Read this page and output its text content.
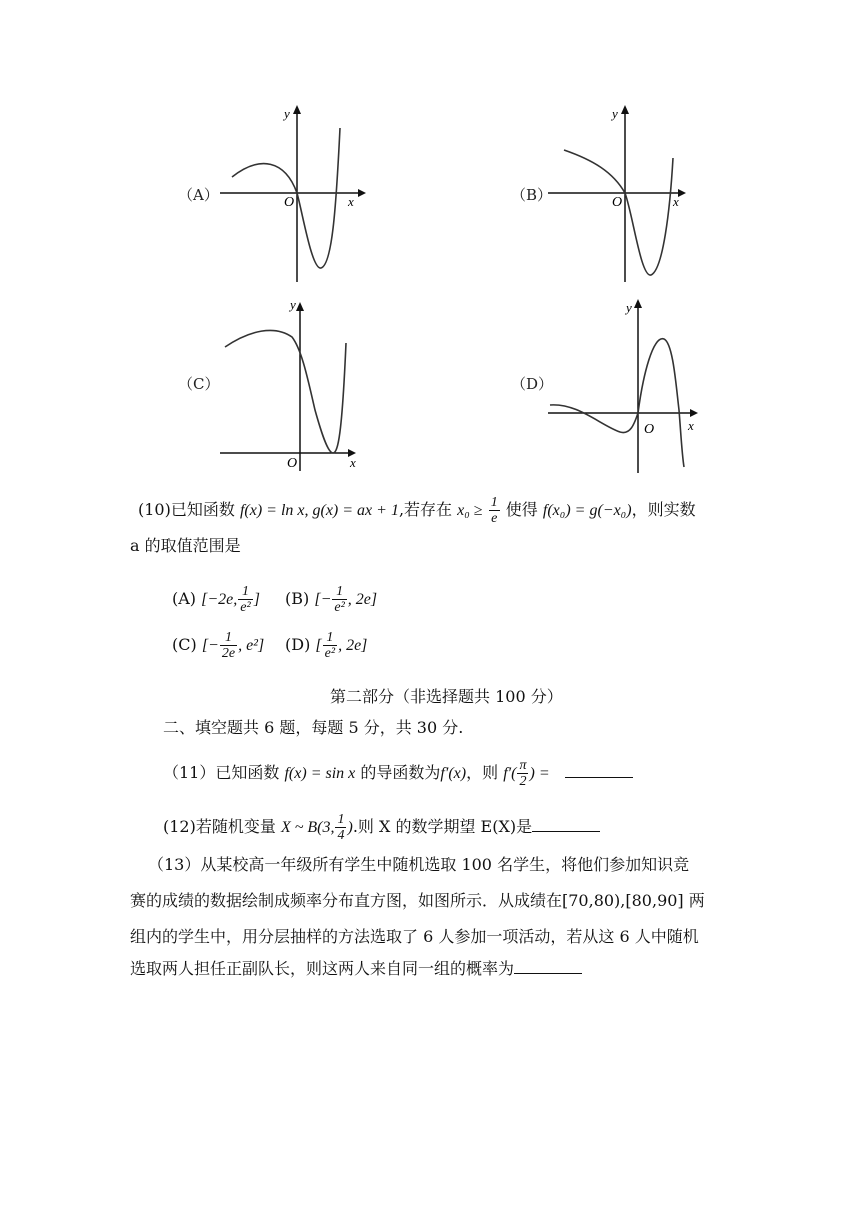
（A）
y
x
O	（B）
y
x
O
（C）
y
x
O
（D）
y
x
O
(10)已知函数 f(x) = ln x, g(x) = ax + 1,若存在 $x_0 \ge \frac{1}{e}$ 使得 f(x₀) = g(−x₀)，则实数
a 的取值范围是
(A) [−2e, $\frac{1}{\text{e²}}$ ] (B) [− $\frac{1}{\text{e²}}$ , 2e]
(C) [− $\frac{1}{2e}$ , e²] (D) [ $\frac{1}{\text{e²}}$ , 2e]
第二部分（非选择题共 100 分）
二、填空题共 6 题，每题 5 分，共 30 分.
（11）已知函数 f(x) = sin x 的导函数为f′(x)，则 $f'( \frac{\pi}{2}$ ) =
(12)若随机变量 X ~ B(3, $\frac{1}{4}$ ).则 X 的数学期望 E(X)是
（13）从某校高一年级所有学生中随机选取 100 名学生，将他们参加知识竞
赛的成绩的数据绘制成频率分布直方图，如图所示．从成绩在[70,80),[80,90] 两
组内的学生中，用分层抽样的方法选取了 6 人参加一项活动，若从这 6 人中随机
选取两人担任正副队长，则这两人来自同一组的概率为
